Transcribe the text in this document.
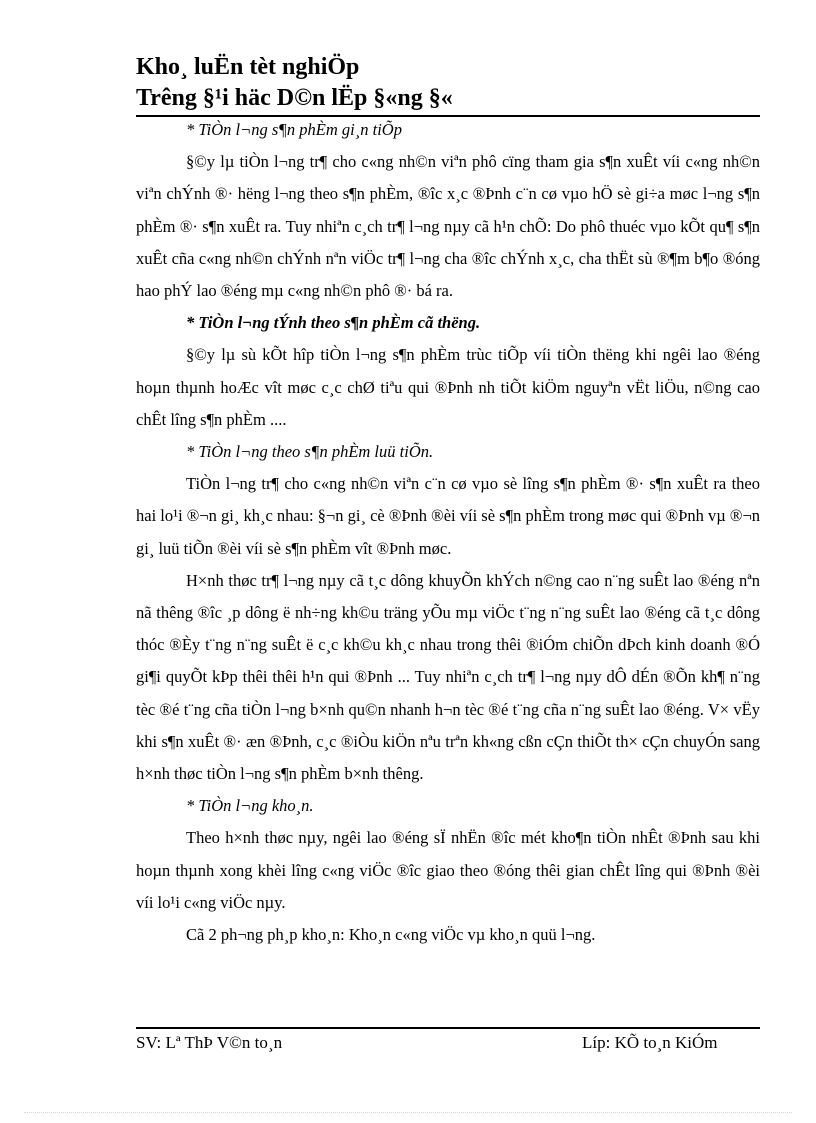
Kho¸ luËn tèt nghiÖp
Trêng §¹i häc D©n lËp §«ng §«

* TiÒn l¬ng s¶n phÈm gi¸n tiÕp

§©y lµ tiÒn l¬ng tr¶ cho c«ng nh©n viªn phô cïng tham gia s¶n xuÊt víi c«ng nh©n viªn chÝnh ®· hëng l¬ng theo s¶n phÈm, ®îc x¸c ®Þnh c¨n cø vµo hÖ sè gi÷a møc l¬ng s¶n phÈm ®· s¶n xuÊt ra. Tuy nhiªn c¸ch tr¶ l¬ng nµy cã h¹n chÕ: Do phô thuéc vµo kÕt qu¶ s¶n xuÊt cña c«ng nh©n chÝnh nªn viÖc tr¶ l¬ng cha ®îc chÝnh x¸c, cha thËt sù ®¶m b¶o ®óng hao phÝ lao ®éng mµ c«ng nh©n phô ®· bá ra.

* TiÒn l¬ng tÝnh theo s¶n phÈm cã thëng.

§©y lµ sù kÕt hîp tiÒn l¬ng s¶n phÈm trùc tiÕp víi tiÒn thëng khi ngêi lao ®éng hoµn thµnh hoÆc vît møc c¸c chØ tiªu qui ®Þnh nh tiÕt kiÖm nguyªn vËt liÖu, n©ng cao chÊt lîng s¶n phÈm ....

* TiÒn l¬ng theo s¶n phÈm luü tiÕn.

TiÒn l¬ng tr¶ cho c«ng nh©n viªn c¨n cø vµo sè lîng s¶n phÈm ®· s¶n xuÊt ra theo hai lo¹i ®¬n gi¸ kh¸c nhau: §¬n gi¸ cè ®Þnh ®èi víi sè s¶n phÈm trong møc qui ®Þnh vµ ®¬n gi¸ luü tiÕn ®èi víi sè s¶n phÈm vît ®Þnh møc.

H×nh thøc tr¶ l¬ng nµy cã t¸c dông khuyÕn khÝch n©ng cao n¨ng suÊt lao ®éng nªn nã thêng ®îc ¸p dông ë nh÷ng kh©u träng yÕu mµ viÖc t¨ng n¨ng suÊt lao ®éng cã t¸c dông thóc ®Èy t¨ng n¨ng suÊt ë c¸c kh©u kh¸c nhau trong thêi ®iÓm chiÕn dÞch kinh doanh ®Ó gi¶i quyÕt kÞp thêi thêi h¹n qui ®Þnh ... Tuy nhiªn c¸ch tr¶ l¬ng nµy dÔ dÉn ®Õn kh¶ n¨ng tèc ®é t¨ng cña tiÒn l¬ng b×nh qu©n nhanh h¬n tèc ®é t¨ng cña n¨ng suÊt lao ®éng. V× vËy khi s¶n xuÊt ®· æn ®Þnh, c¸c ®iÒu kiÖn nªu trªn kh«ng cßn cÇn thiÕt th× cÇn chuyÓn sang h×nh thøc tiÒn l¬ng s¶n phÈm b×nh thêng.

* TiÒn l¬ng kho¸n.

Theo h×nh thøc nµy, ngêi lao ®éng sÏ nhËn ®îc mét kho¶n tiÒn nhÊt ®Þnh sau khi hoµn thµnh xong khèi lîng c«ng viÖc ®îc giao theo ®óng thêi gian chÊt lîng qui ®Þnh ®èi víi lo¹i c«ng viÖc nµy.

Cã 2 ph¬ng ph¸p kho¸n: Kho¸n c«ng viÖc vµ kho¸n quü l¬ng.

SV: Lª ThÞ V©n to¸n	Líp: KÕ to¸n KiÓm
